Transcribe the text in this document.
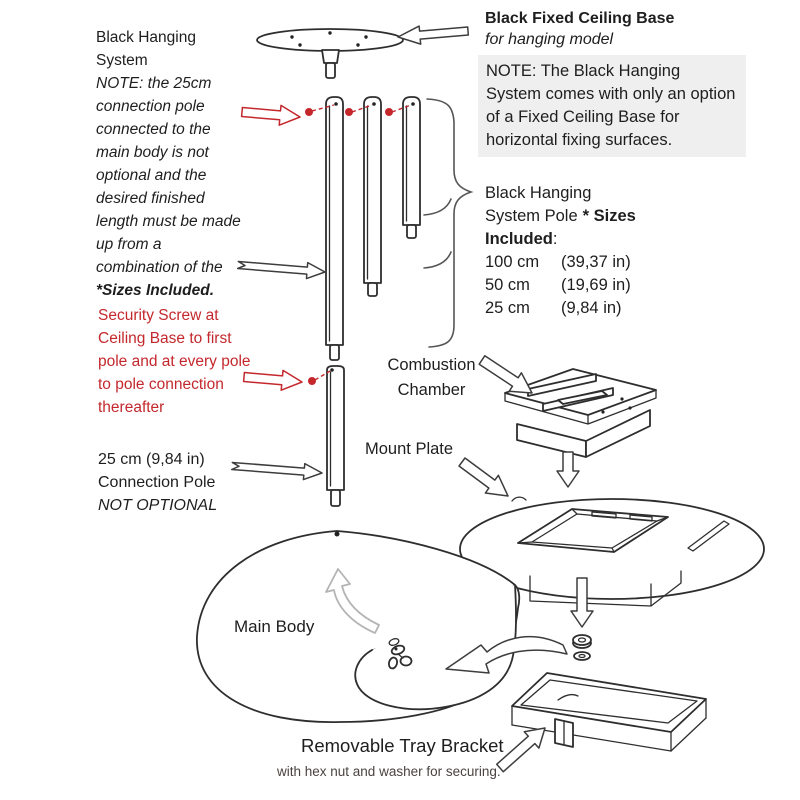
Black Hanging System
NOTE: the 25cm connection pole connected to the main body is not optional and the desired finished length must be made up from a combination of the *Sizes Included.
Security Screw at Ceiling Base to first pole and at every pole to pole connection thereafter
25 cm (9,84 in)
Connection Pole
NOT OPTIONAL
Black Fixed Ceiling Base
for hanging model
NOTE: The Black Hanging System comes with only an option of a Fixed Ceiling Base for horizontal fixing surfaces.
Black Hanging
System Pole * Sizes
Included:
100 cm	(39,37 in)
50 cm	(19,69 in)
25 cm	(9,84 in)
Combustion Chamber
Mount Plate
Main Body
Removable Tray Bracket
with hex nut and washer for securing.
